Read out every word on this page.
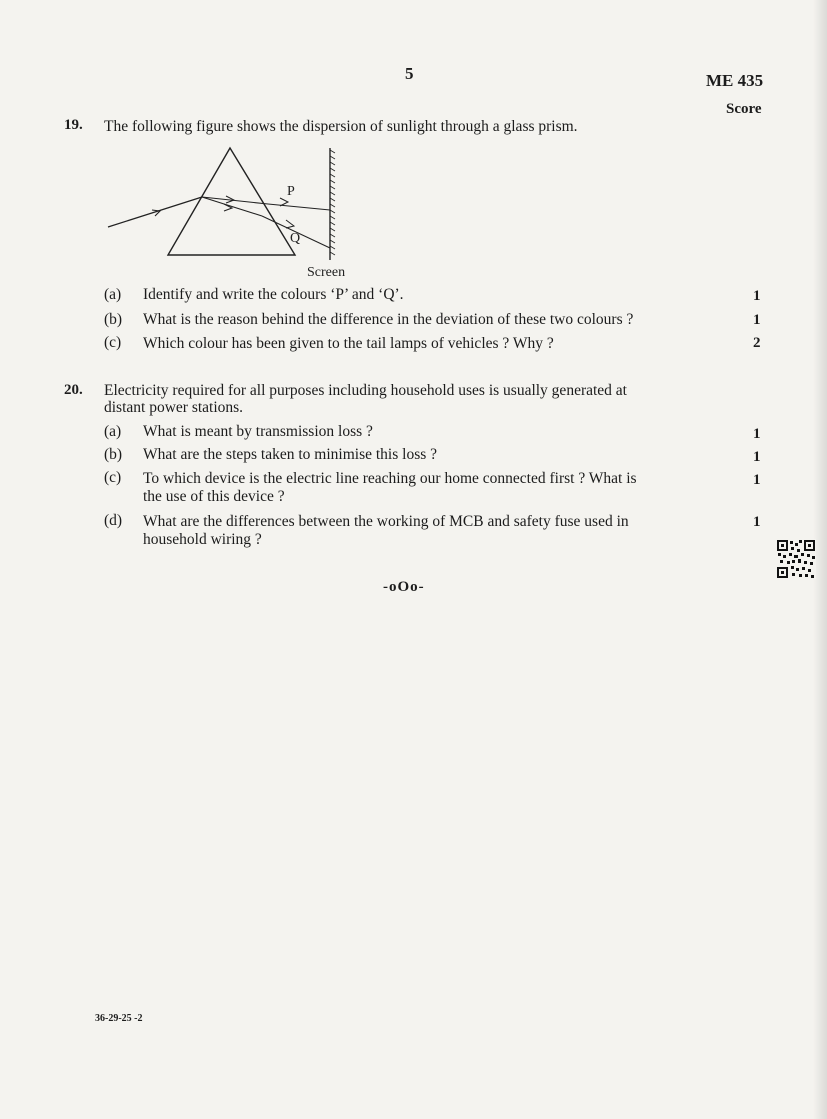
5	ME 435
Score
19. The following figure shows the dispersion of sunlight through a glass prism.
P
Q
Screen
(a) Identify and write the colours ‘P’ and ‘Q’.	1
(b) What is the reason behind the difference in the deviation of these two colours ?	1
(c) Which colour has been given to the tail lamps of vehicles ? Why ?	2
20. Electricity required for all purposes including household uses is usually generated at
distant power stations.
(a) What is meant by transmission loss ?	1
(b) What are the steps taken to minimise this loss ?	1
(c) To which device is the electric line reaching our home connected first ? What is
the use of this device ?
1
(d) What are the differences between the working of MCB and safety fuse used in
household wiring ?
1
-oOo-
36-29-25 -2
